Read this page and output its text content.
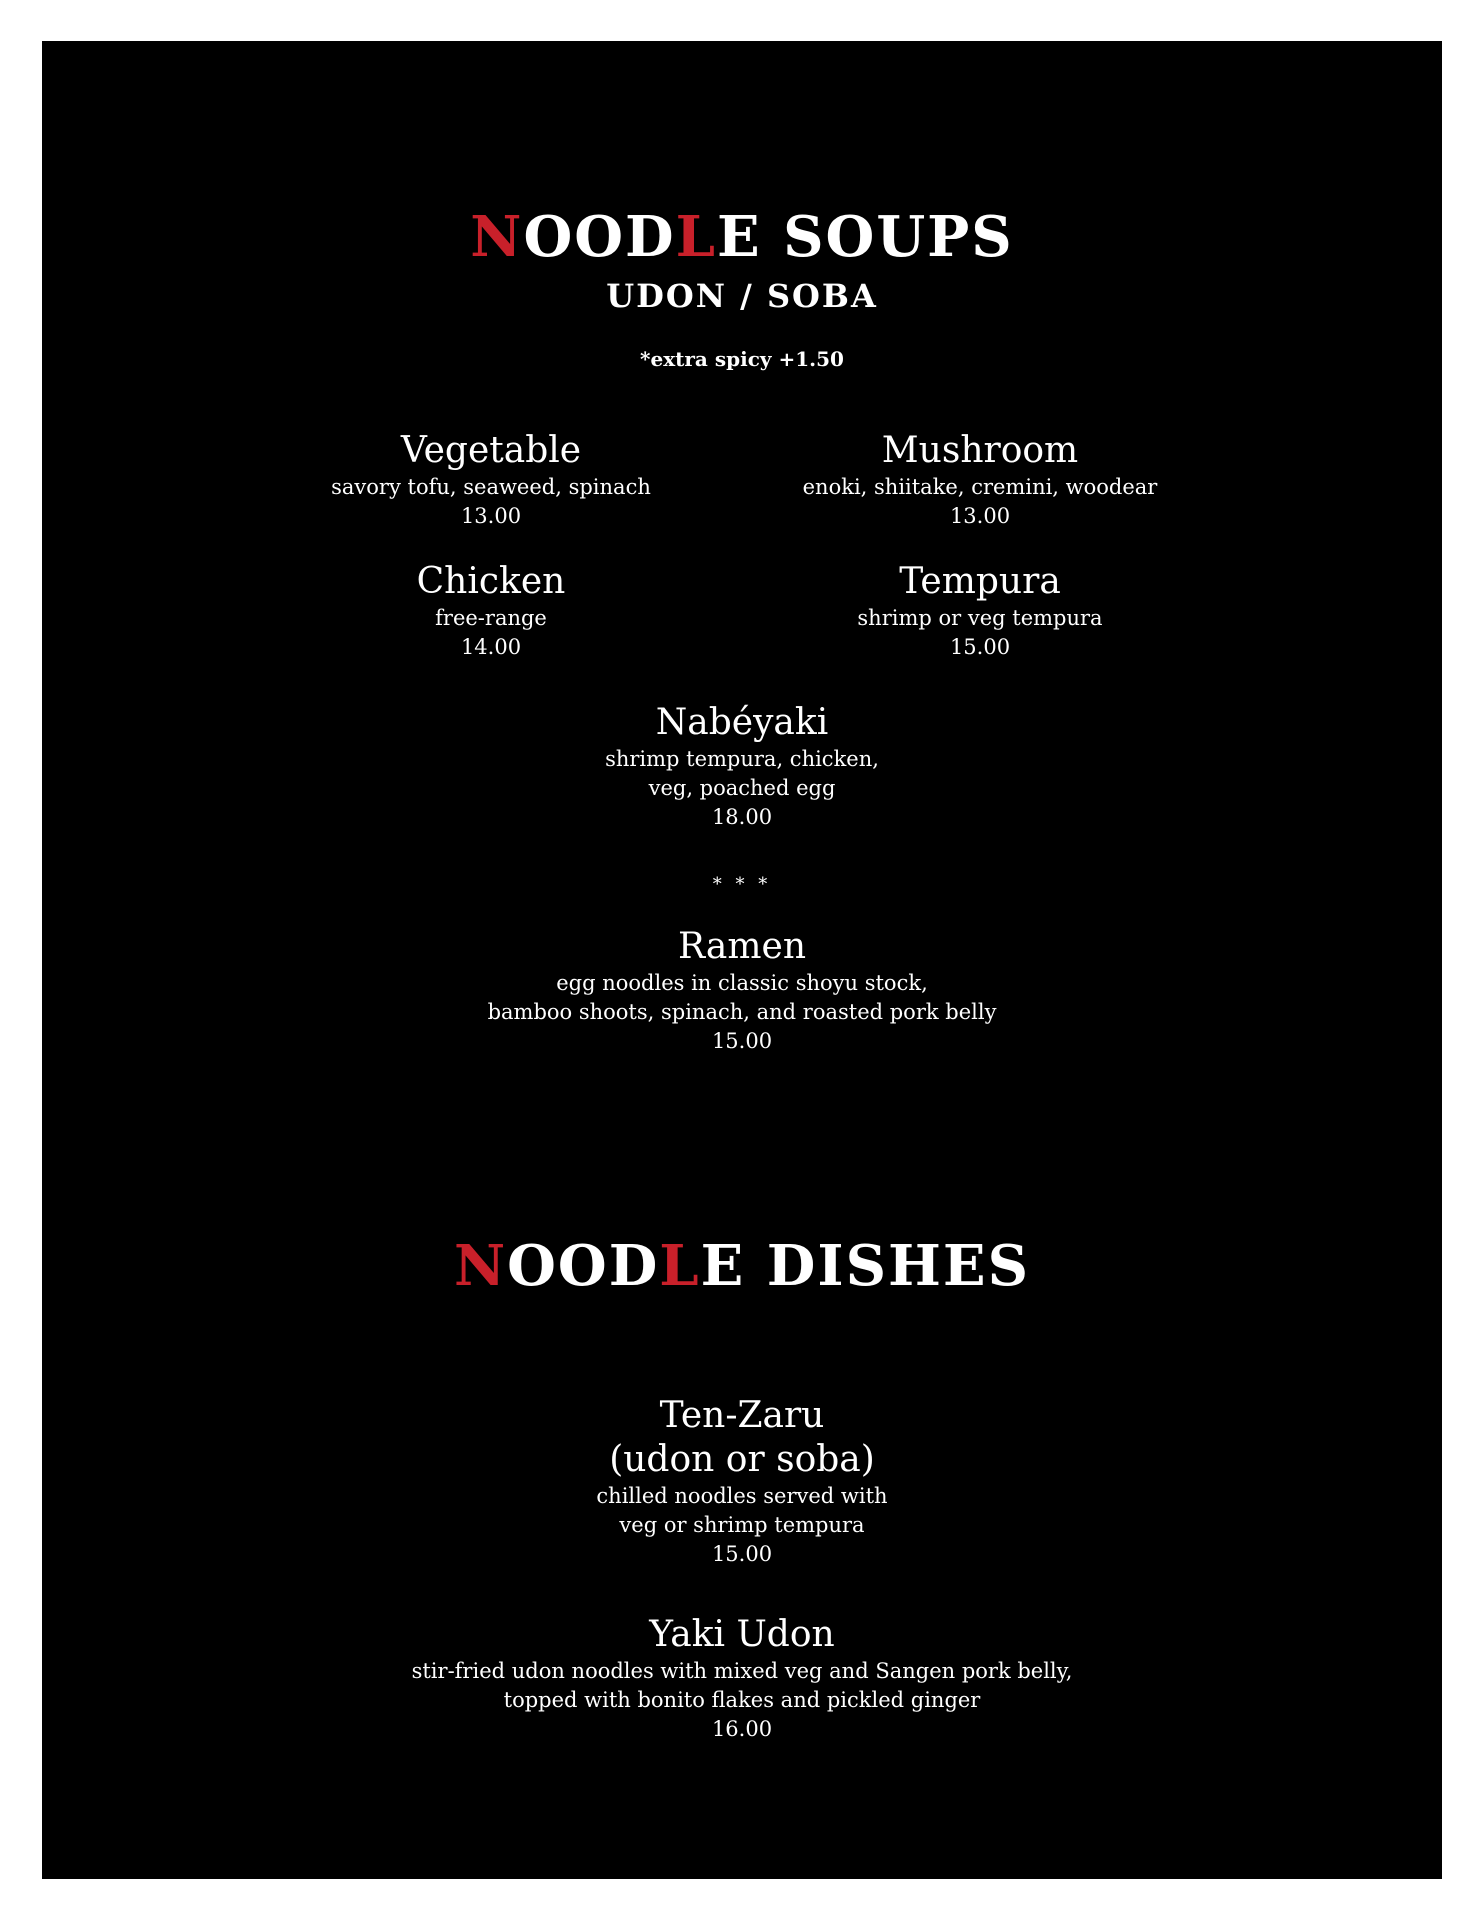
NOODLE SOUPS
UDON / SOBA
*extra spicy +1.50
Vegetable
savory tofu, seaweed, spinach
13.00
Mushroom
enoki, shiitake, cremini, woodear
13.00
Chicken
free-range
14.00
Tempura
shrimp or veg tempura
15.00
Nabéyaki
shrimp tempura, chicken,
veg, poached egg
18.00
* * *
Ramen
egg noodles in classic shoyu stock,
bamboo shoots, spinach, and roasted pork belly
15.00
NOODLE DISHES
Ten-Zaru
(udon or soba)
chilled noodles served with
veg or shrimp tempura
15.00
Yaki Udon
stir-fried udon noodles with mixed veg and Sangen pork belly,
topped with bonito flakes and pickled ginger
16.00
